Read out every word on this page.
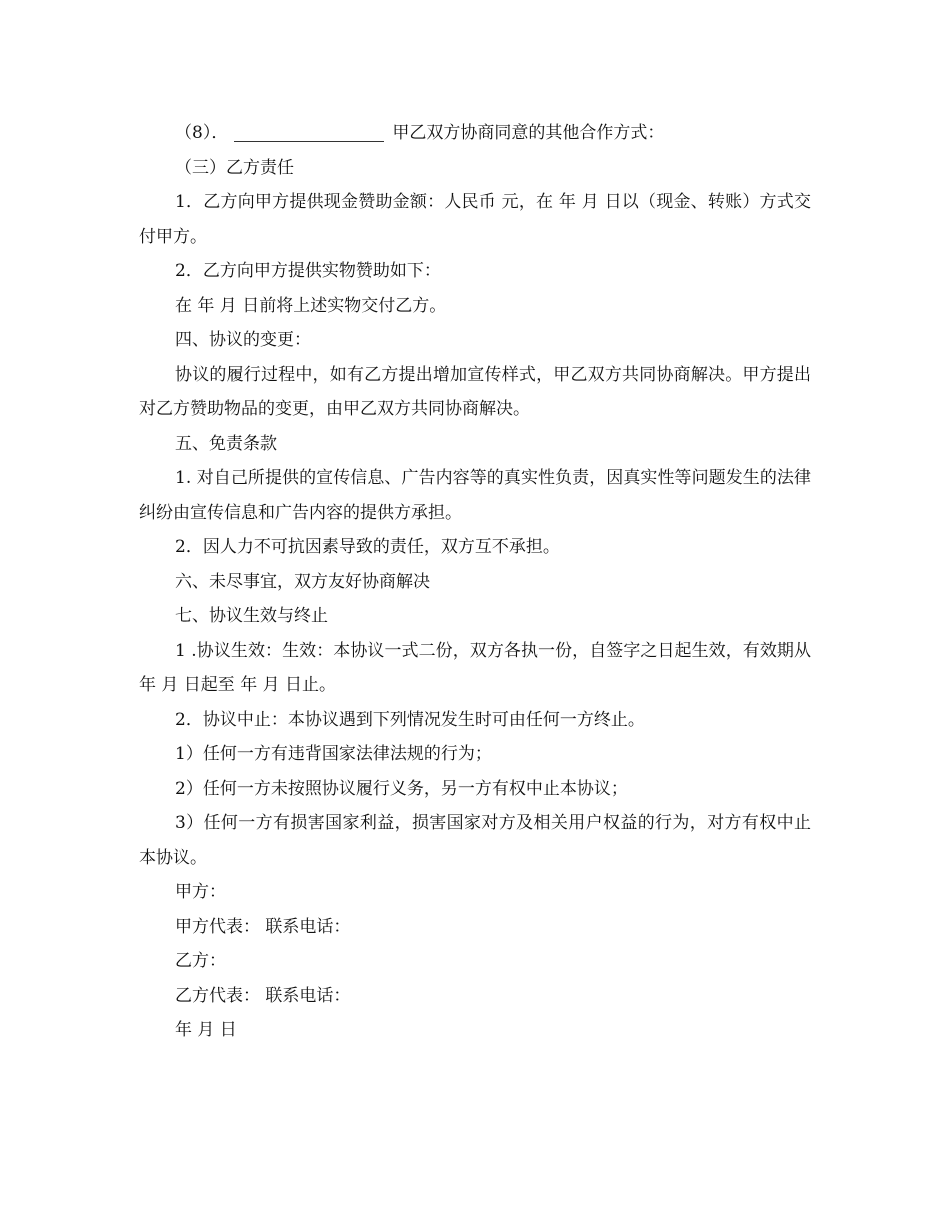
（8）．	甲乙双方协商同意的其他合作方式：

（三）乙方责任

1．乙方向甲方提供现金赞助金额：人民币 元，在 年 月 日以（现金、转账）方式交付甲方。

2．乙方向甲方提供实物赞助如下：

在 年 月 日前将上述实物交付乙方。

四、协议的变更：

协议的履行过程中，如有乙方提出增加宣传样式，甲乙双方共同协商解决。甲方提出对乙方赞助物品的变更，由甲乙双方共同协商解决。

五、免责条款

1. 对自己所提供的宣传信息、广告内容等的真实性负责，因真实性等问题发生的法律纠纷由宣传信息和广告内容的提供方承担。

2．因人力不可抗因素导致的责任，双方互不承担。

六、未尽事宜，双方友好协商解决

七、协议生效与终止

1 .协议生效：生效：本协议一式二份，双方各执一份，自签字之日起生效，有效期从 年 月 日起至 年 月 日止。

2．协议中止：本协议遇到下列情况发生时可由任何一方终止。

1）任何一方有违背国家法律法规的行为；

2）任何一方未按照协议履行义务，另一方有权中止本协议；

3）任何一方有损害国家利益，损害国家对方及相关用户权益的行为，对方有权中止本协议。

甲方：

甲方代表： 联系电话：

乙方：

乙方代表： 联系电话：

年 月 日
